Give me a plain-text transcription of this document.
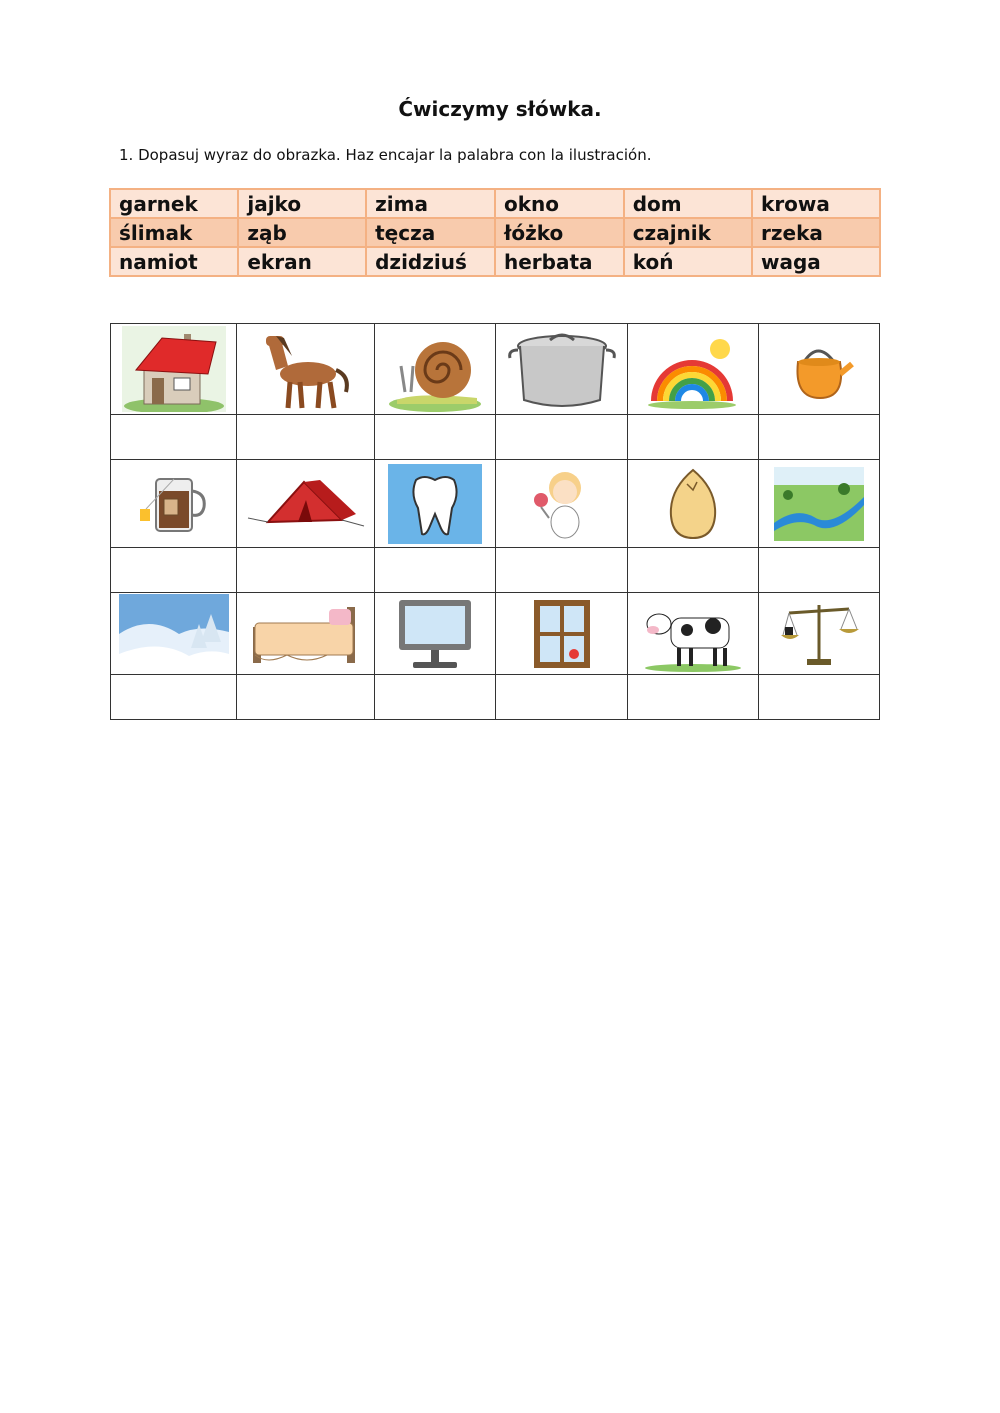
Ćwiczymy słówka.
1. Dopasuj wyraz do obrazka. Haz encajar la palabra con la ilustración.
garnek	jajko	zima	okno	dom	krowa
ślimak	ząb	tęcza	łóżko	czajnik	rzeka
namiot	ekran	dzidziuś	herbata	koń	waga
